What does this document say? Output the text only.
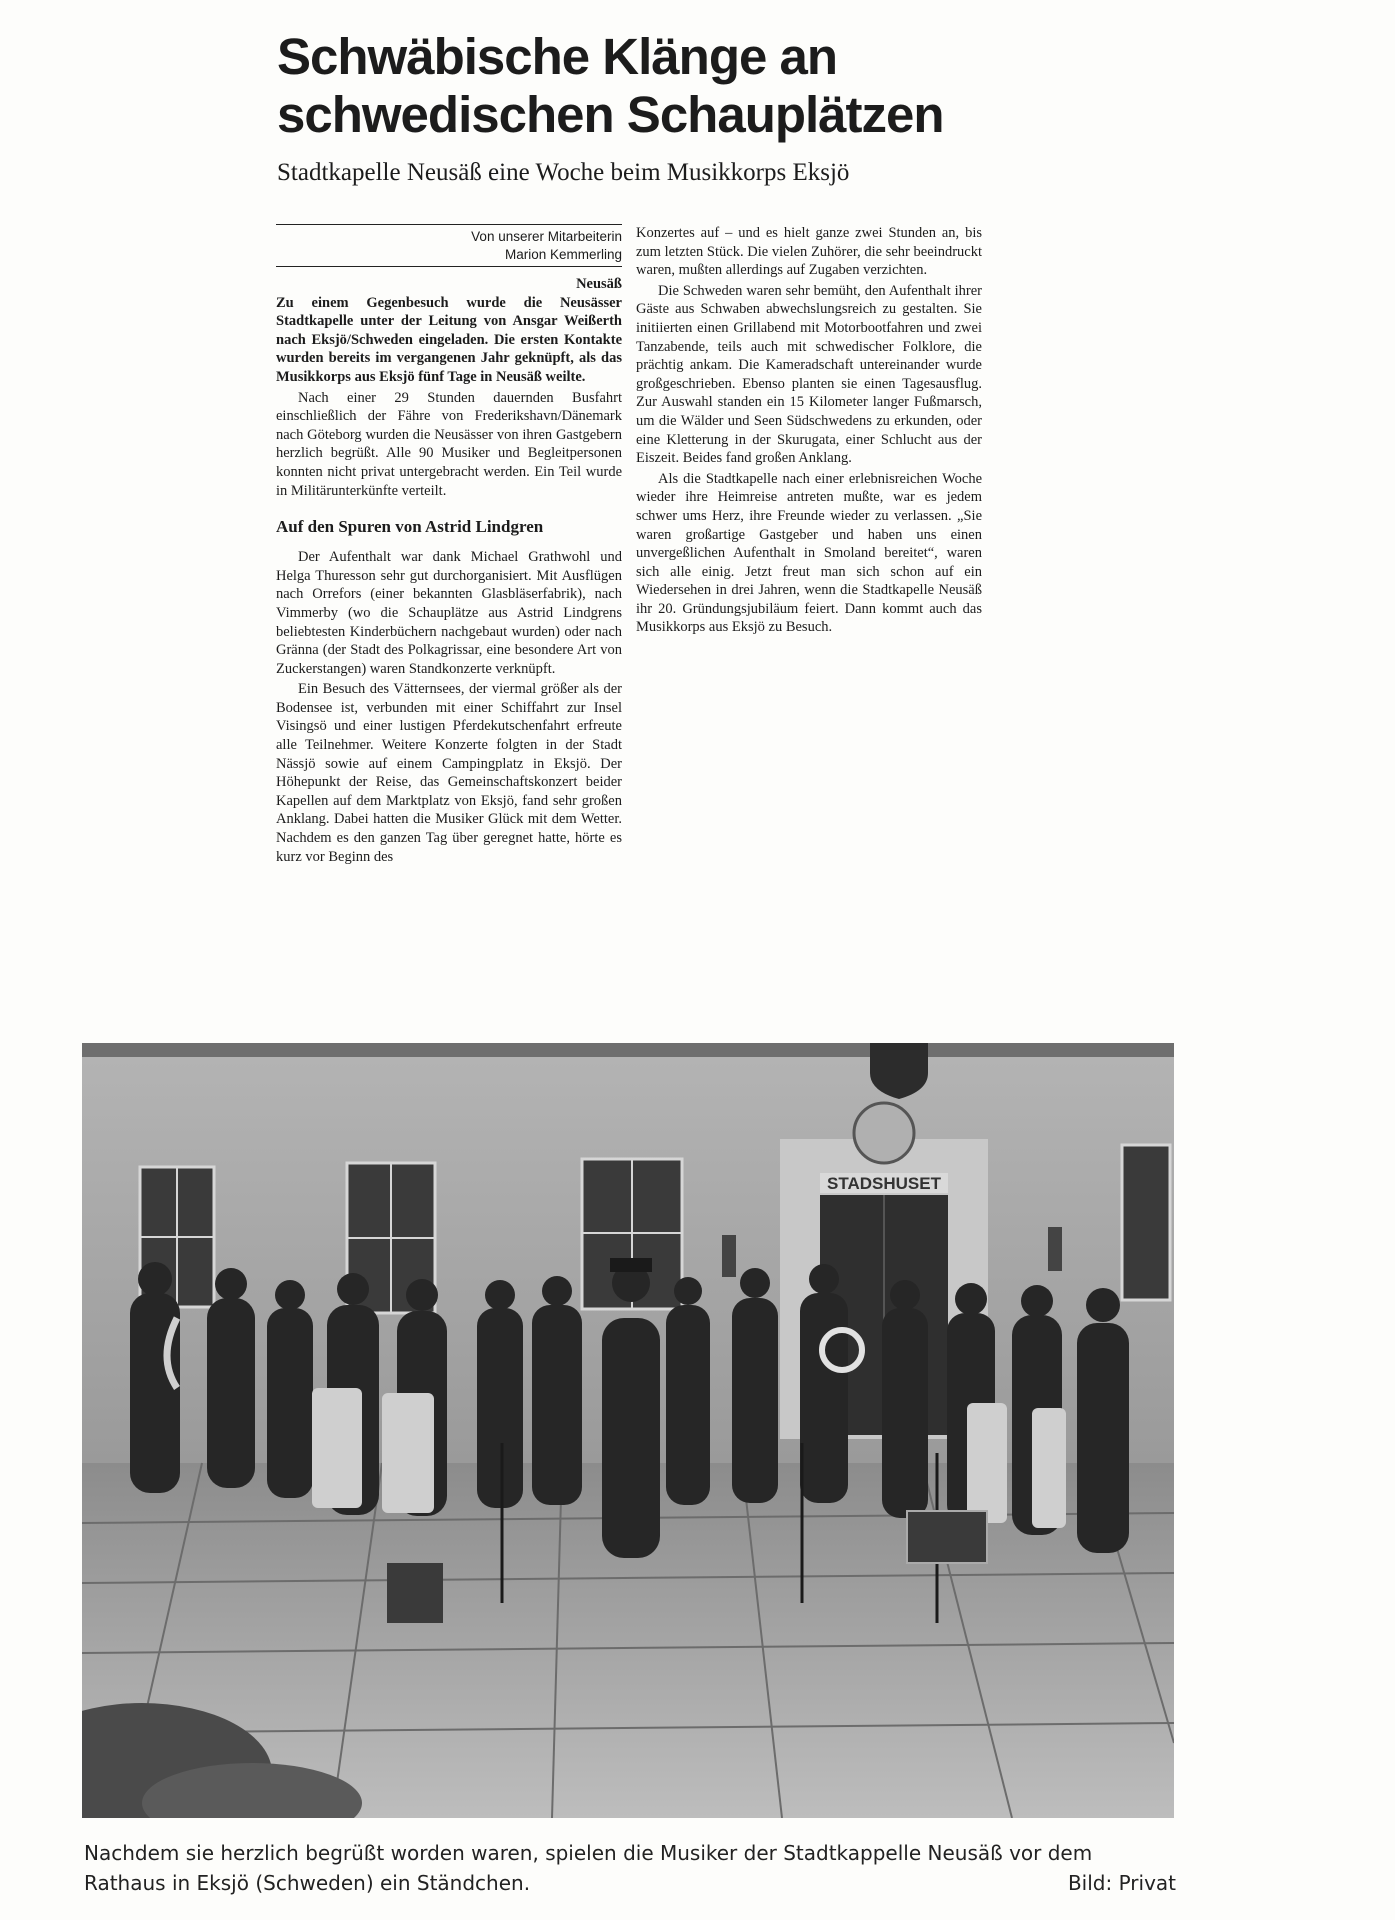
Schwäbische Klänge an
schwedischen Schauplätzen

Stadtkapelle Neusäß eine Woche beim Musikkorps Eksjö

Von unserer Mitarbeiterin
Marion Kemmerling
Neusäß

Zu einem Gegenbesuch wurde die Neusässer Stadtkapelle unter der Leitung von Ansgar Weißerth nach Eksjö/Schweden eingeladen. Die ersten Kontakte wurden bereits im vergangenen Jahr geknüpft, als das Musikkorps aus Eksjö fünf Tage in Neusäß weilte.

Nach einer 29 Stunden dauernden Busfahrt einschließlich der Fähre von Frederikshavn/Dänemark nach Göteborg wurden die Neusässer von ihren Gastgebern herzlich begrüßt. Alle 90 Musiker und Begleitpersonen konnten nicht privat untergebracht werden. Ein Teil wurde in Militärunterkünfte verteilt.

Auf den Spuren von Astrid Lindgren

Der Aufenthalt war dank Michael Grathwohl und Helga Thuresson sehr gut durchorganisiert. Mit Ausflügen nach Orrefors (einer bekannten Glasbläserfabrik), nach Vimmerby (wo die Schauplätze aus Astrid Lindgrens beliebtesten Kinderbüchern nachgebaut wurden) oder nach Gränna (der Stadt des Polkagrissar, eine besondere Art von Zuckerstangen) waren Standkonzerte verknüpft.

Ein Besuch des Vätternsees, der viermal größer als der Bodensee ist, verbunden mit einer Schiffahrt zur Insel Visingsö und einer lustigen Pferdekutschenfahrt erfreute alle Teilnehmer. Weitere Konzerte folgten in der Stadt Nässjö sowie auf einem Campingplatz in Eksjö. Der Höhepunkt der Reise, das Gemeinschaftskonzert beider Kapellen auf dem Marktplatz von Eksjö, fand sehr großen Anklang. Dabei hatten die Musiker Glück mit dem Wetter. Nachdem es den ganzen Tag über geregnet hatte, hörte es kurz vor Beginn des

Konzertes auf – und es hielt ganze zwei Stunden an, bis zum letzten Stück. Die vielen Zuhörer, die sehr beeindruckt waren, mußten allerdings auf Zugaben verzichten.

Die Schweden waren sehr bemüht, den Aufenthalt ihrer Gäste aus Schwaben abwechslungsreich zu gestalten. Sie initiierten einen Grillabend mit Motorbootfahren und zwei Tanzabende, teils auch mit schwedischer Folklore, die prächtig ankam. Die Kameradschaft untereinander wurde großgeschrieben. Ebenso planten sie einen Tagesausflug. Zur Auswahl standen ein 15 Kilometer langer Fußmarsch, um die Wälder und Seen Südschwedens zu erkunden, oder eine Kletterung in der Skurugata, einer Schlucht aus der Eiszeit. Beides fand großen Anklang.

Als die Stadtkapelle nach einer erlebnisreichen Woche wieder ihre Heimreise antreten mußte, war es jedem schwer ums Herz, ihre Freunde wieder zu verlassen. „Sie waren großartige Gastgeber und haben uns einen unvergeßlichen Aufenthalt in Smoland bereitet“, waren sich alle einig. Jetzt freut man sich schon auf ein Wiedersehen in drei Jahren, wenn die Stadtkapelle Neusäß ihr 20. Gründungsjubiläum feiert. Dann kommt auch das Musikkorps aus Eksjö zu Besuch.

STADSHUSET
Nachdem sie herzlich begrüßt worden waren, spielen die Musiker der Stadtkappelle Neusäß vor dem Rathaus in Eksjö (Schweden) ein Ständchen.	Bild: Privat
